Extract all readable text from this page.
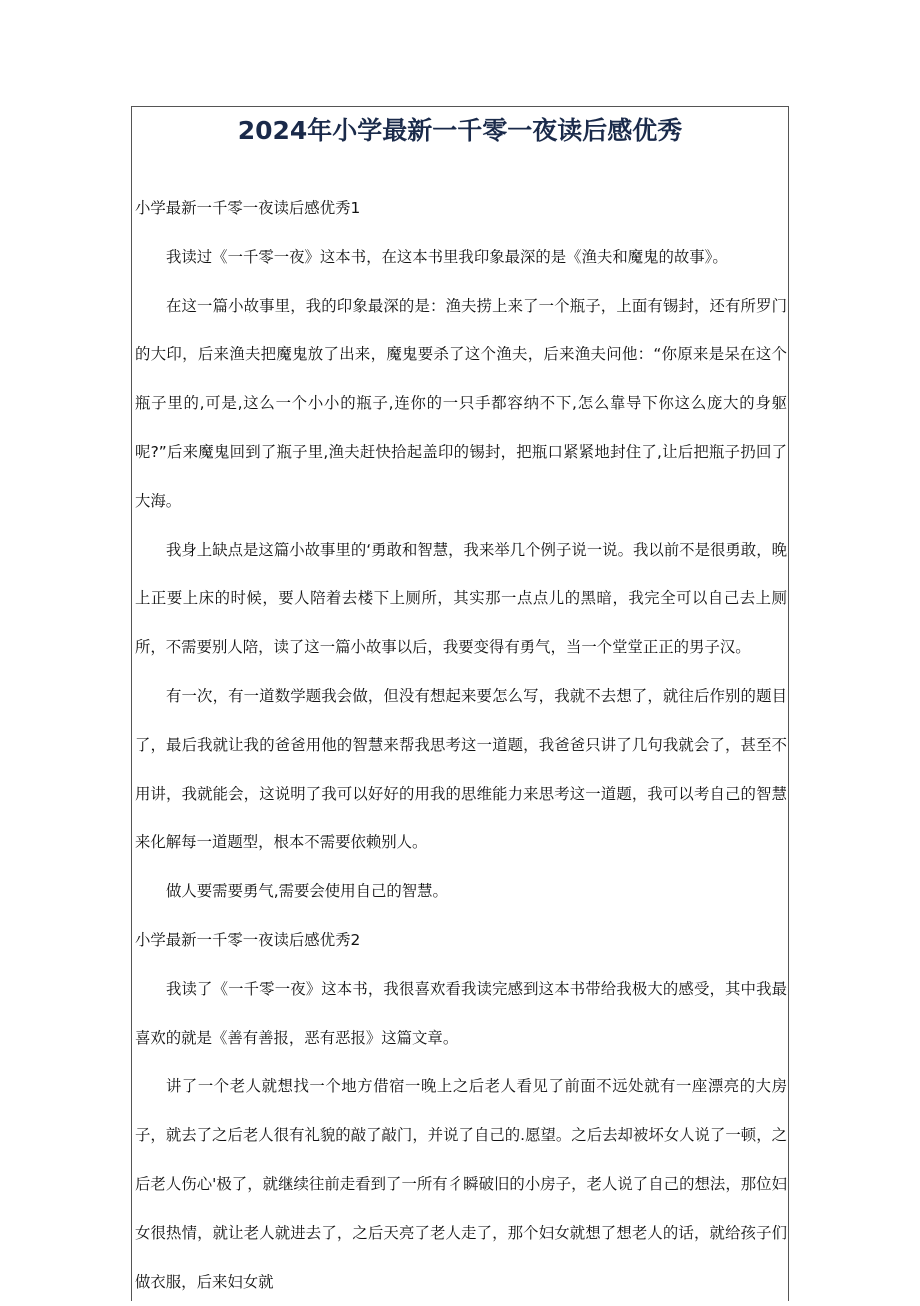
2024年小学最新一千零一夜读后感优秀

小学最新一千零一夜读后感优秀1

我读过《一千零一夜》这本书，在这本书里我印象最深的是《渔夫和魔鬼的故事》。

在这一篇小故事里，我的印象最深的是：渔夫捞上来了一个瓶子，上面有锡封，还有所罗门的大印，后来渔夫把魔鬼放了出来，魔鬼要杀了这个渔夫，后来渔夫问他：“你原来是呆在这个瓶子里的,可是,这么一个小小的瓶子,连你的一只手都容纳不下,怎么靠导下你这么庞大的身躯呢?”后来魔鬼回到了瓶子里,渔夫赶快拾起盖印的锡封，把瓶口紧紧地封住了,让后把瓶子扔回了大海。

我身上缺点是这篇小故事里的‘勇敢和智慧，我来举几个例子说一说。我以前不是很勇敢，晚上正要上床的时候，要人陪着去楼下上厕所，其实那一点点儿的黑暗，我完全可以自己去上厕所，不需要别人陪，读了这一篇小故事以后，我要变得有勇气，当一个堂堂正正的男子汉。

有一次，有一道数学题我会做，但没有想起来要怎么写，我就不去想了，就往后作别的题目了，最后我就让我的爸爸用他的智慧来帮我思考这一道题，我爸爸只讲了几句我就会了，甚至不用讲，我就能会，这说明了我可以好好的用我的思维能力来思考这一道题，我可以考自己的智慧来化解每一道题型，根本不需要依赖别人。

做人要需要勇气,需要会使用自己的智慧。

小学最新一千零一夜读后感优秀2

我读了《一千零一夜》这本书，我很喜欢看我读完感到这本书带给我极大的感受，其中我最喜欢的就是《善有善报，恶有恶报》这篇文章。

讲了一个老人就想找一个地方借宿一晚上之后老人看见了前面不远处就有一座漂亮的大房子，就去了之后老人很有礼貌的敲了敲门，并说了自己的.愿望。之后去却被坏女人说了一顿，之后老人伤心'极了，就继续往前走看到了一所有彳瞬破旧的小房子，老人说了自己的想法，那位妇女很热情，就让老人就进去了，之后天亮了老人走了，那个妇女就想了想老人的话，就给孩子们做衣服，后来妇女就
